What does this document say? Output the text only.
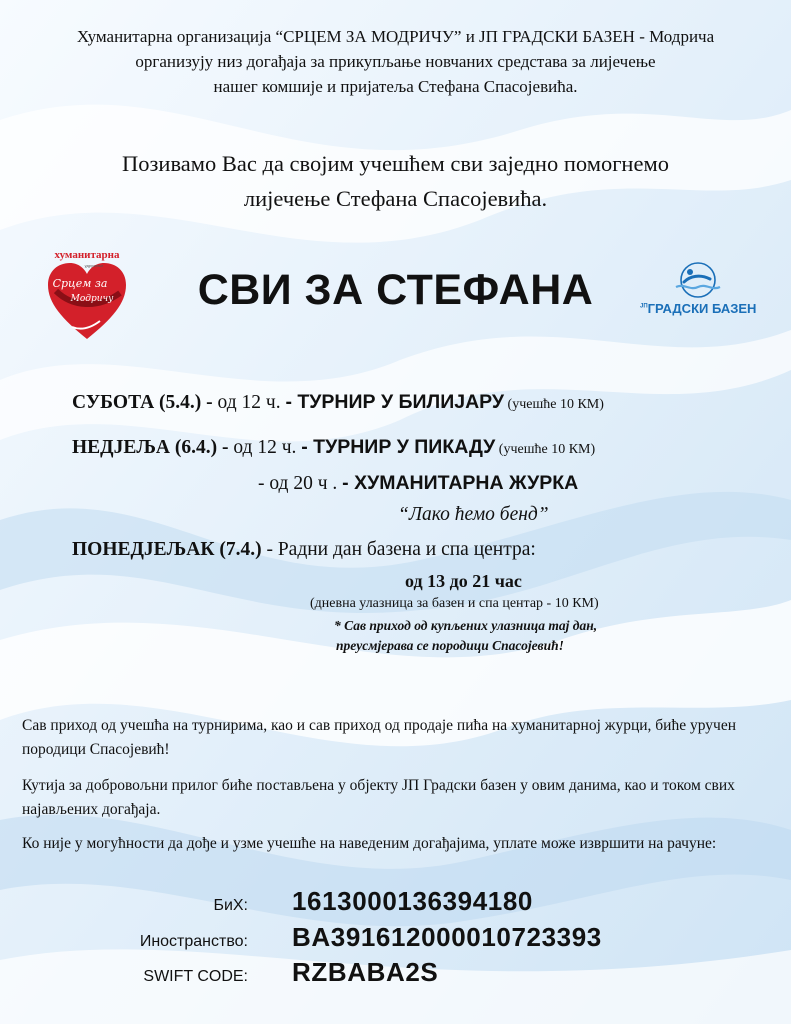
Хуманитарна организација “СРЦЕМ ЗА МОДРИЧУ” и ЈП ГРАДСКИ БАЗЕН - Модрича
организују низ догађаја за прикупљање новчаних средстава за лијечење
нашег комшије и пријатеља Стефана Спасојевића.
Позивамо Вас да својим учешћем сви заједно помогнемо
лијечење Стефана Спасојевића.
хуманитарна
удружење
Срцем за
Модричу	СВИ ЗА СТЕФАНА	$^{ЈП}$ГРАДСКИ БАЗЕН
СУБОТА (5.4.) - од 12 ч. - ТУРНИР У БИЛИЈАРУ (учешће 10 КМ)
НЕДЈЕЉА (6.4.) - од 12 ч. - ТУРНИР У ПИКАДУ (учешће 10 КМ)
- од 20 ч . - ХУМАНИТАРНА ЖУРКА
“Лако ћемо бенд”
ПОНЕДЈЕЉАК (7.4.) - Радни дан базена и спа центра:
од 13 до 21 час
(дневна улазница за базен и спа центар - 10 КМ)
* Сав приход од купљених улазница тај дан,
преусмјерава се породици Спасојевић!
Сав приход од учешћа на турнирима, као и сав приход од продаје пића на хуманитарној журци, биће уручен породици Спасојевић!
Кутија за добровољни прилог биће постављена у објекту ЈП Градски базен у овим данима, као и током свих најављених догађаја.
Ко није у могућности да дође и узме учешће на наведеним догађајима, уплате може извршити на рачуне:
БиХ: 1613000136394180
Иностранство: BA391612000010723393
SWIFT CODE: RZBABA2S
